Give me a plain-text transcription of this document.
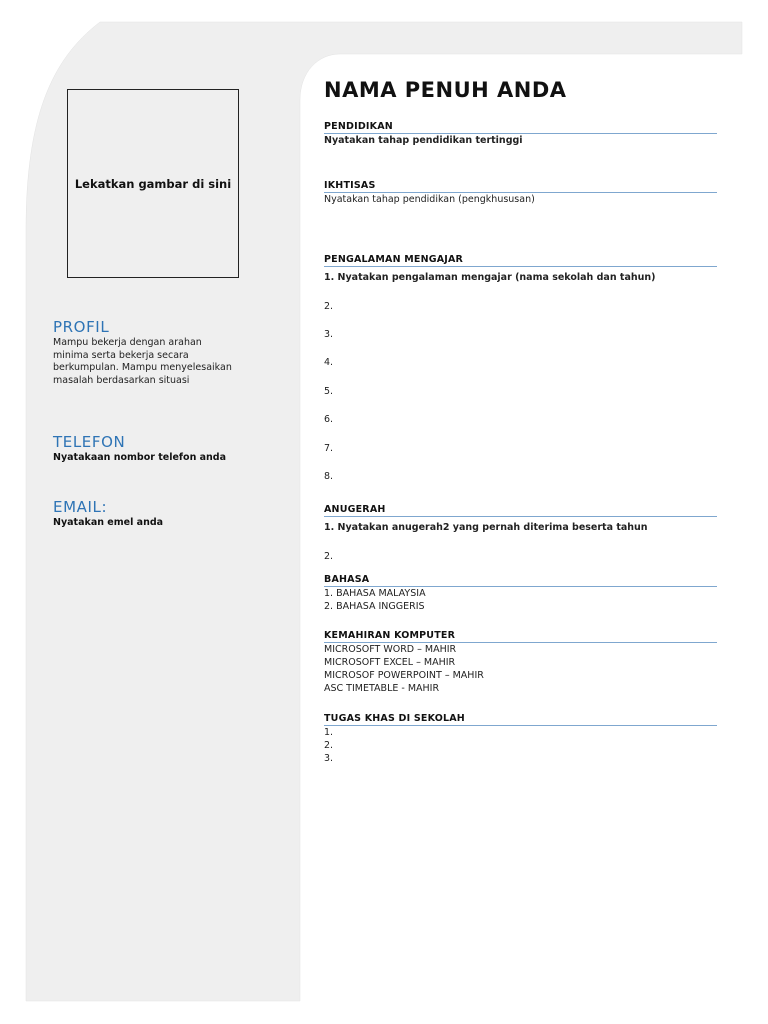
Lekatkan gambar di sini
PROFIL
Mampu bekerja dengan arahan
minima serta bekerja secara
berkumpulan. Mampu menyelesaikan
masalah berdasarkan situasi
TELEFON
Nyatakaan nombor telefon anda
EMAIL:
Nyatakan emel anda
NAMA PENUH ANDA
PENDIDIKAN
Nyatakan tahap pendidikan tertinggi
IKHTISAS
Nyatakan tahap pendidikan (pengkhususan)
PENGALAMAN MENGAJAR
1. Nyatakan pengalaman mengajar (nama sekolah dan tahun)
2.
3.
4.
5.
6.
7.
8.
ANUGERAH
1. Nyatakan anugerah2 yang pernah diterima beserta tahun
2.
BAHASA
1. BAHASA MALAYSIA
2. BAHASA INGGERIS
KEMAHIRAN KOMPUTER
MICROSOFT WORD – MAHIR
MICROSOFT EXCEL – MAHIR
MICROSOF POWERPOINT – MAHIR
ASC TIMETABLE - MAHIR
TUGAS KHAS DI SEKOLAH
1.
2.
3.
